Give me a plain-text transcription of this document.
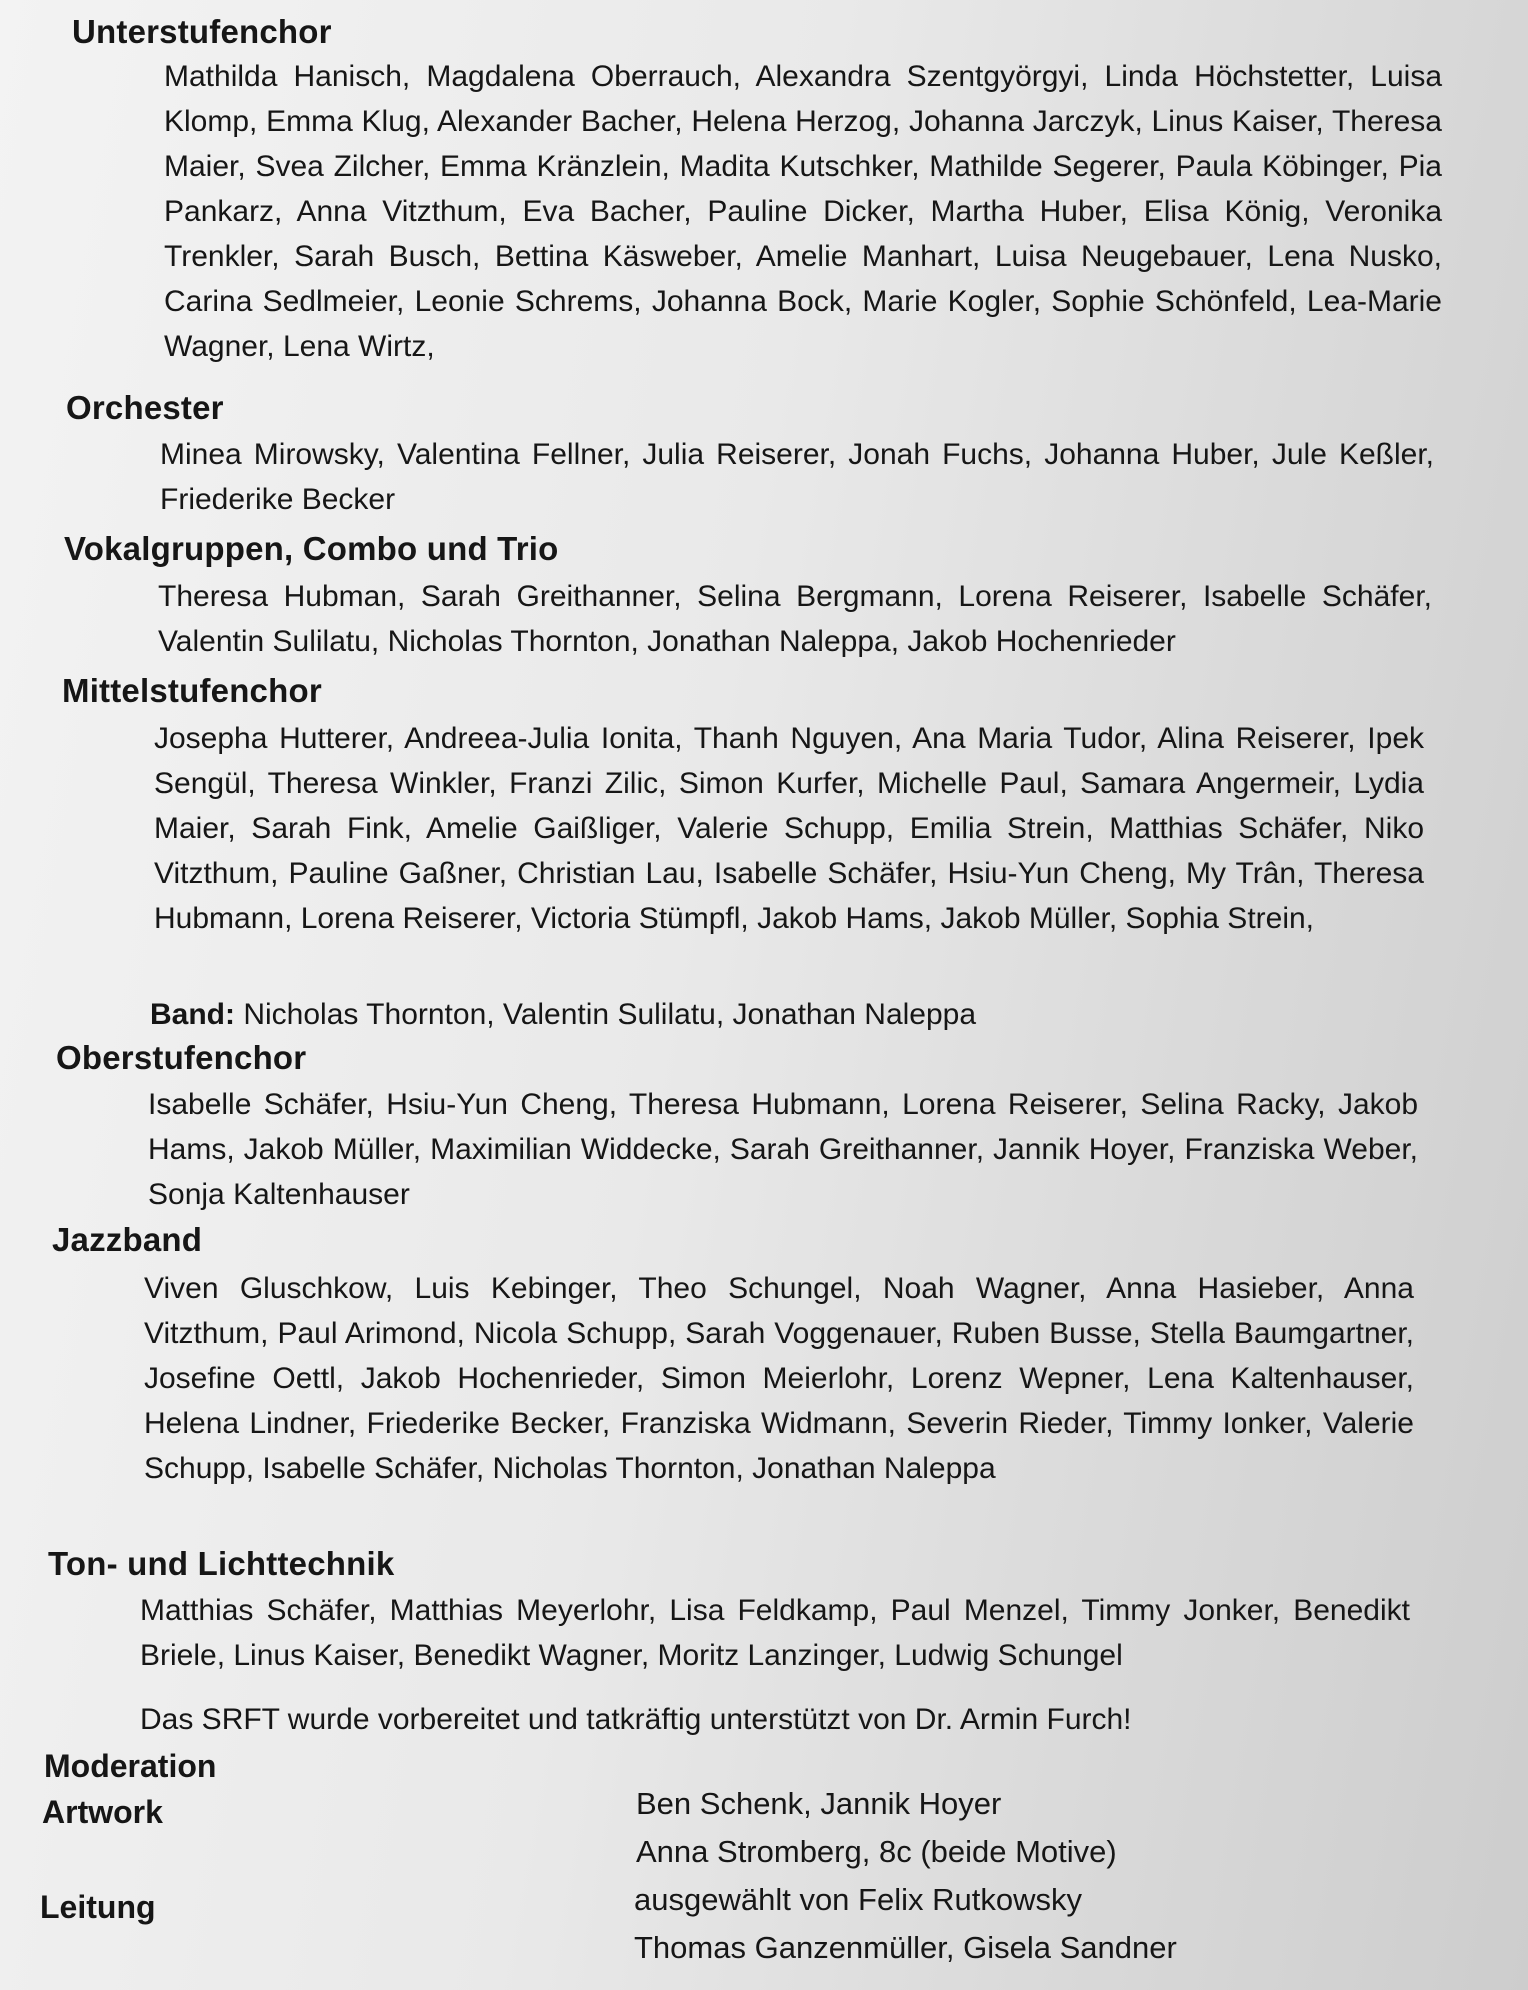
Unterstufenchor
Mathilda Hanisch, Magdalena Oberrauch, Alexandra Szentgyörgyi, Linda Höchstetter, Luisa Klomp, Emma Klug, Alexander Bacher, Helena Herzog, Johanna Jarczyk, Linus Kaiser, Theresa Maier, Svea Zilcher, Emma Kränzlein, Madita Kutschker, Mathilde Segerer, Paula Köbinger, Pia Pankarz, Anna Vitzthum, Eva Bacher, Pauline Dicker, Martha Huber, Elisa König, Veronika Trenkler, Sarah Busch, Bettina Käsweber, Amelie Manhart, Luisa Neugebauer, Lena Nusko, Carina Sedlmeier, Leonie Schrems, Johanna Bock, Marie Kogler, Sophie Schönfeld, Lea-Marie Wagner, Lena Wirtz,
Orchester
Minea Mirowsky, Valentina Fellner, Julia Reiserer, Jonah Fuchs, Johanna Huber, Jule Keßler, Friederike Becker
Vokalgruppen, Combo und Trio
Theresa Hubman, Sarah Greithanner, Selina Bergmann, Lorena Reiserer, Isabelle Schäfer, Valentin Sulilatu, Nicholas Thornton, Jonathan Naleppa, Jakob Hochenrieder
Mittelstufenchor
Josepha Hutterer, Andreea-Julia Ionita, Thanh Nguyen, Ana Maria Tudor, Alina Reiserer, Ipek Sengül, Theresa Winkler, Franzi Zilic, Simon Kurfer, Michelle Paul, Samara Angermeir, Lydia Maier, Sarah Fink, Amelie Gaißliger, Valerie Schupp, Emilia Strein, Matthias Schäfer, Niko Vitzthum, Pauline Gaßner, Christian Lau, Isabelle Schäfer, Hsiu-Yun Cheng, My Trân, Theresa Hubmann, Lorena Reiserer, Victoria Stümpfl, Jakob Hams, Jakob Müller, Sophia Strein,
Band: Nicholas Thornton, Valentin Sulilatu, Jonathan Naleppa
Oberstufenchor
Isabelle Schäfer, Hsiu-Yun Cheng, Theresa Hubmann, Lorena Reiserer, Selina Racky, Jakob Hams, Jakob Müller, Maximilian Widdecke, Sarah Greithanner, Jannik Hoyer, Franziska Weber, Sonja Kaltenhauser
Jazzband
Viven Gluschkow, Luis Kebinger, Theo Schungel, Noah Wagner, Anna Hasieber, Anna Vitzthum, Paul Arimond, Nicola Schupp, Sarah Voggenauer, Ruben Busse, Stella Baumgartner, Josefine Oettl, Jakob Hochenrieder, Simon Meierlohr, Lorenz Wepner, Lena Kaltenhauser, Helena Lindner, Friederike Becker, Franziska Widmann, Severin Rieder, Timmy Ionker, Valerie Schupp, Isabelle Schäfer, Nicholas Thornton, Jonathan Naleppa
Ton- und Lichttechnik
Matthias Schäfer, Matthias Meyerlohr, Lisa Feldkamp, Paul Menzel, Timmy Jonker, Benedikt Briele, Linus Kaiser, Benedikt Wagner, Moritz Lanzinger, Ludwig Schungel
Das SRFT wurde vorbereitet und tatkräftig unterstützt von Dr. Armin Furch!
Moderation
Artwork
Leitung
Ben Schenk, Jannik Hoyer
Anna Stromberg, 8c (beide Motive)
ausgewählt von Felix Rutkowsky
Thomas Ganzenmüller, Gisela Sandner
